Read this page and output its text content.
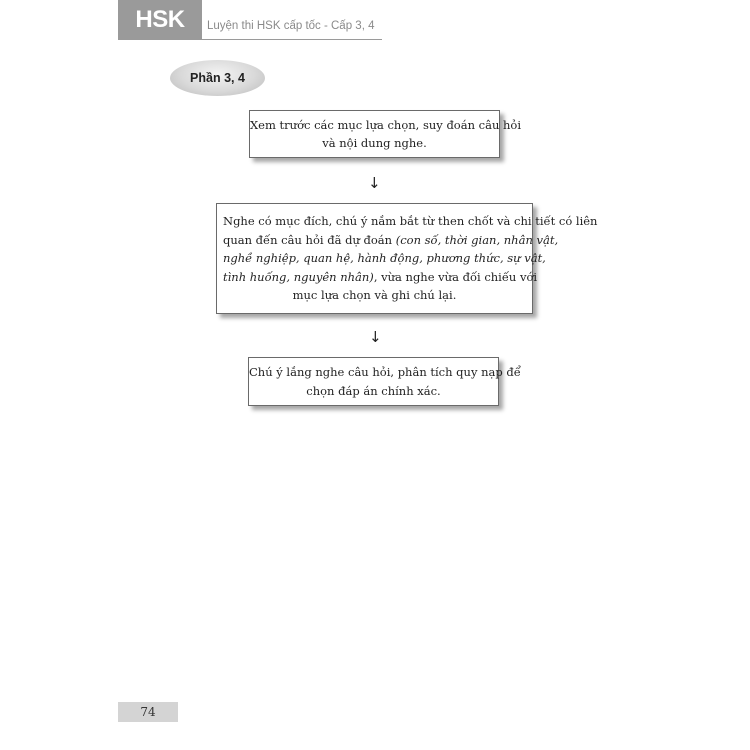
HSK Luyện thi HSK cấp tốc - Cấp 3, 4
Phần 3, 4
Xem trước các mục lựa chọn, suy đoán câu hỏi
và nội dung nghe.
↓
Nghe có mục đích, chú ý nắm bắt từ then chốt và chi tiết có liên
quan đến câu hỏi đã dự đoán (con số, thời gian, nhân vật,
nghề nghiệp, quan hệ, hành động, phương thức, sự vật,
tình huống, nguyên nhân), vừa nghe vừa đối chiếu với
mục lựa chọn và ghi chú lại.
↓
Chú ý lắng nghe câu hỏi, phân tích quy nạp để
chọn đáp án chính xác.
74
